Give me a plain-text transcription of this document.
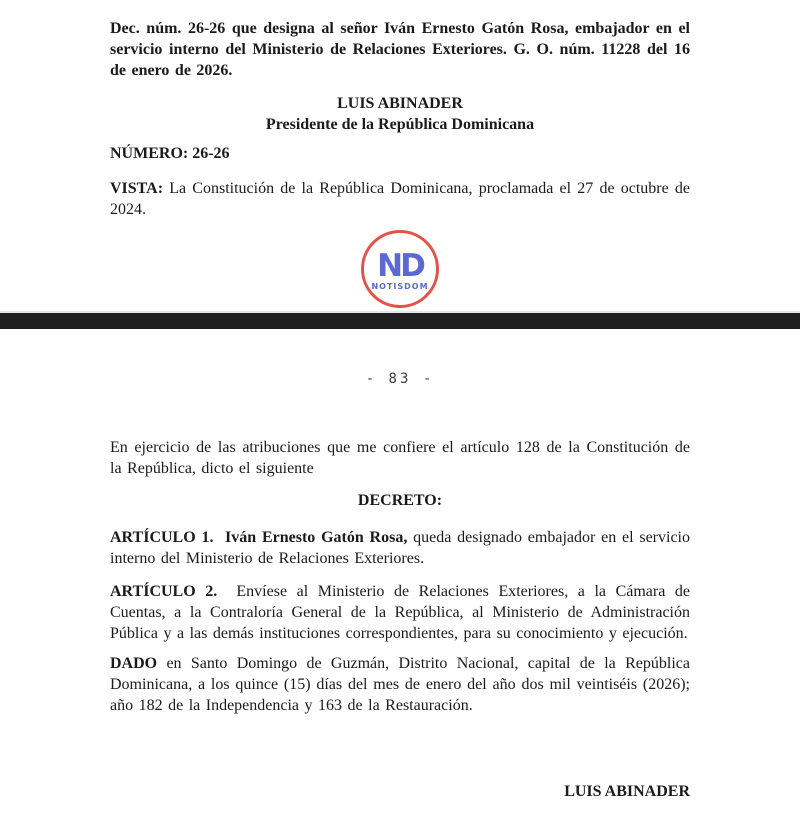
Dec. núm. 26-26 que designa al señor Iván Ernesto Gatón Rosa, embajador en el servicio interno del Ministerio de Relaciones Exteriores. G. O. núm. 11228 del 16 de enero de 2026.

LUIS ABINADER
Presidente de la República Dominicana

NÚMERO: 26-26

VISTA: La Constitución de la República Dominicana, proclamada el 27 de octubre de 2024.

ND
NOTISDOM
- 83 -

En ejercicio de las atribuciones que me confiere el artículo 128 de la Constitución de la República, dicto el siguiente

DECRETO:

ARTÍCULO 1.  Iván Ernesto Gatón Rosa, queda designado embajador en el servicio interno del Ministerio de Relaciones Exteriores.

ARTÍCULO 2.  Envíese al Ministerio de Relaciones Exteriores, a la Cámara de Cuentas, a la Contraloría General de la República, al Ministerio de Administración Pública y a las demás instituciones correspondientes, para su conocimiento y ejecución.

DADO en Santo Domingo de Guzmán, Distrito Nacional, capital de la República Dominicana, a los quince (15) días del mes de enero del año dos mil veintiséis (2026); año 182 de la Independencia y 163 de la Restauración.

LUIS ABINADER
